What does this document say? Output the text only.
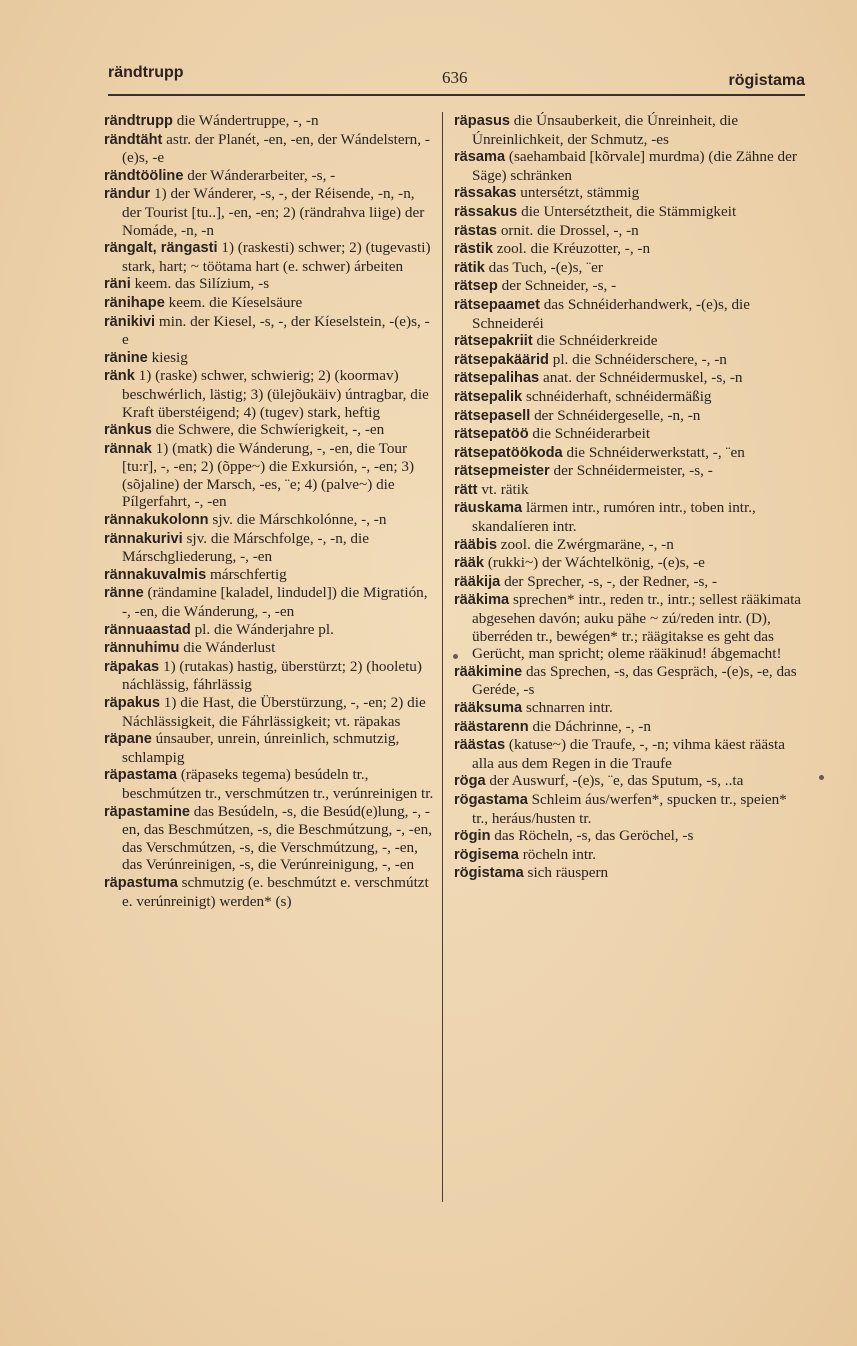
rändtrupp	636	rögistama
rändtrupp die Wándertruppe, -, -n
rändtäht astr. der Planét, -en, -en, der Wándelstern, -(e)s, -e
rändtööline der Wánderarbeiter, -s, -
rändur 1) der Wánderer, -s, -, der Réisende, -n, -n, der Tourist [tu..], -en, -en; 2) (rändrahva liige) der Nomáde, -n, -n
rängalt, rängasti 1) (raskesti) schwer; 2) (tugevasti) stark, hart; ~ töötama hart (e. schwer) árbeiten
räni keem. das Silízium, -s
ränihape keem. die Kíeselsäure
ränikivi min. der Kiesel, -s, -, der Kíeselstein, -(e)s, -e
ränine kiesig
ränk 1) (raske) schwer, schwierig; 2) (koormav) beschwérlich, lästig; 3) (ülejõukäiv) úntragbar, die Kraft überstéigend; 4) (tugev) stark, heftig
ränkus die Schwere, die Schwíerigkeit, -, -en
rännak 1) (matk) die Wánderung, -, -en, die Tour [tu:r], -, -en; 2) (õppe~) die Exkursión, -, -en; 3) (sõjaline) der Marsch, -es, ¨e; 4) (palve~) die Pílgerfahrt, -, -en
rännakukolonn sjv. die Márschkolónne, -, -n
rännakurivi sjv. die Márschfolge, -, -n, die Márschgliederung, -, -en
rännakuvalmis márschfertig
ränne (rändamine [kaladel, lindudel]) die Migratión, -, -en, die Wánderung, -, -en
rännuaastad pl. die Wánderjahre pl.
rännuhimu die Wánderlust
räpakas 1) (rutakas) hastig, überstürzt; 2) (hooletu) náchlässig, fáhrlässig
räpakus 1) die Hast, die Überstürzung, -, -en; 2) die Náchlässigkeit, die Fáhrlässigkeit; vt. räpakas
räpane únsauber, unrein, únreinlich, schmutzig, schlampig
räpastama (räpaseks tegema) besúdeln tr., beschmútzen tr., verschmútzen tr., verúnreinigen tr.
räpastamine das Besúdeln, -s, die Besúd(e)lung, -, -en, das Beschmútzen, -s, die Beschmútzung, -, -en, das Verschmútzen, -s, die Verschmútzung, -, -en, das Verúnreinigen, -s, die Verúnreinigung, -, -en
räpastuma schmutzig (e. beschmútzt e. verschmútzt e. verúnreinigt) werden* (s)
räpasus die Únsauberkeit, die Únreinheit, die Únreinlichkeit, der Schmutz, -es
räsama (saehambaid [kõrvale] murdma) (die Zähne der Säge) schränken
rässakas untersétzt, stämmig
rässakus die Untersétztheit, die Stämmigkeit
rästas ornit. die Drossel, -, -n
rästik zool. die Kréuzotter, -, -n
rätik das Tuch, -(e)s, ¨er
rätsep der Schneider, -s, -
rätsepaamet das Schnéiderhandwerk, -(e)s, die Schneideréi
rätsepakriit die Schnéiderkreide
rätsepakäärid pl. die Schnéiderschere, -, -n
rätsepalihas anat. der Schnéidermuskel, -s, -n
rätsepalik schnéiderhaft, schnéidermäßig
rätsepasell der Schnéidergeselle, -n, -n
rätsepatöö die Schnéiderarbeit
rätsepatöökoda die Schnéiderwerkstatt, -, ¨en
rätsepmeister der Schnéidermeister, -s, -
rätt vt. rätik
räuskama lärmen intr., rumóren intr., toben intr., skandalíeren intr.
rääbis zool. die Zwérgmaräne, -, -n
rääk (rukki~) der Wáchtelkönig, -(e)s, -e
rääkija der Sprecher, -s, -, der Redner, -s, -
rääkima sprechen* intr., reden tr., intr.; sellest rääkimata abgesehen davón; auku pähe ~ zú/reden intr. (D), überréden tr., bewégen* tr.; räägitakse es geht das Gerücht, man spricht; oleme rääkinud! ábgemacht!
rääkimine das Sprechen, -s, das Gespräch, -(e)s, -e, das Geréde, -s
rääksuma schnarren intr.
räästarenn die Dáchrinne, -, -n
räästas (katuse~) die Traufe, -, -n; vihma käest räästa alla aus dem Regen in die Traufe
röga der Auswurf, -(e)s, ¨e, das Sputum, -s, ..ta
rögastama Schleim áus/werfen*, spucken tr., speien* tr., heráus/husten tr.
rögin das Röcheln, -s, das Geröchel, -s
rögisema röcheln intr.
rögistama sich räuspern
